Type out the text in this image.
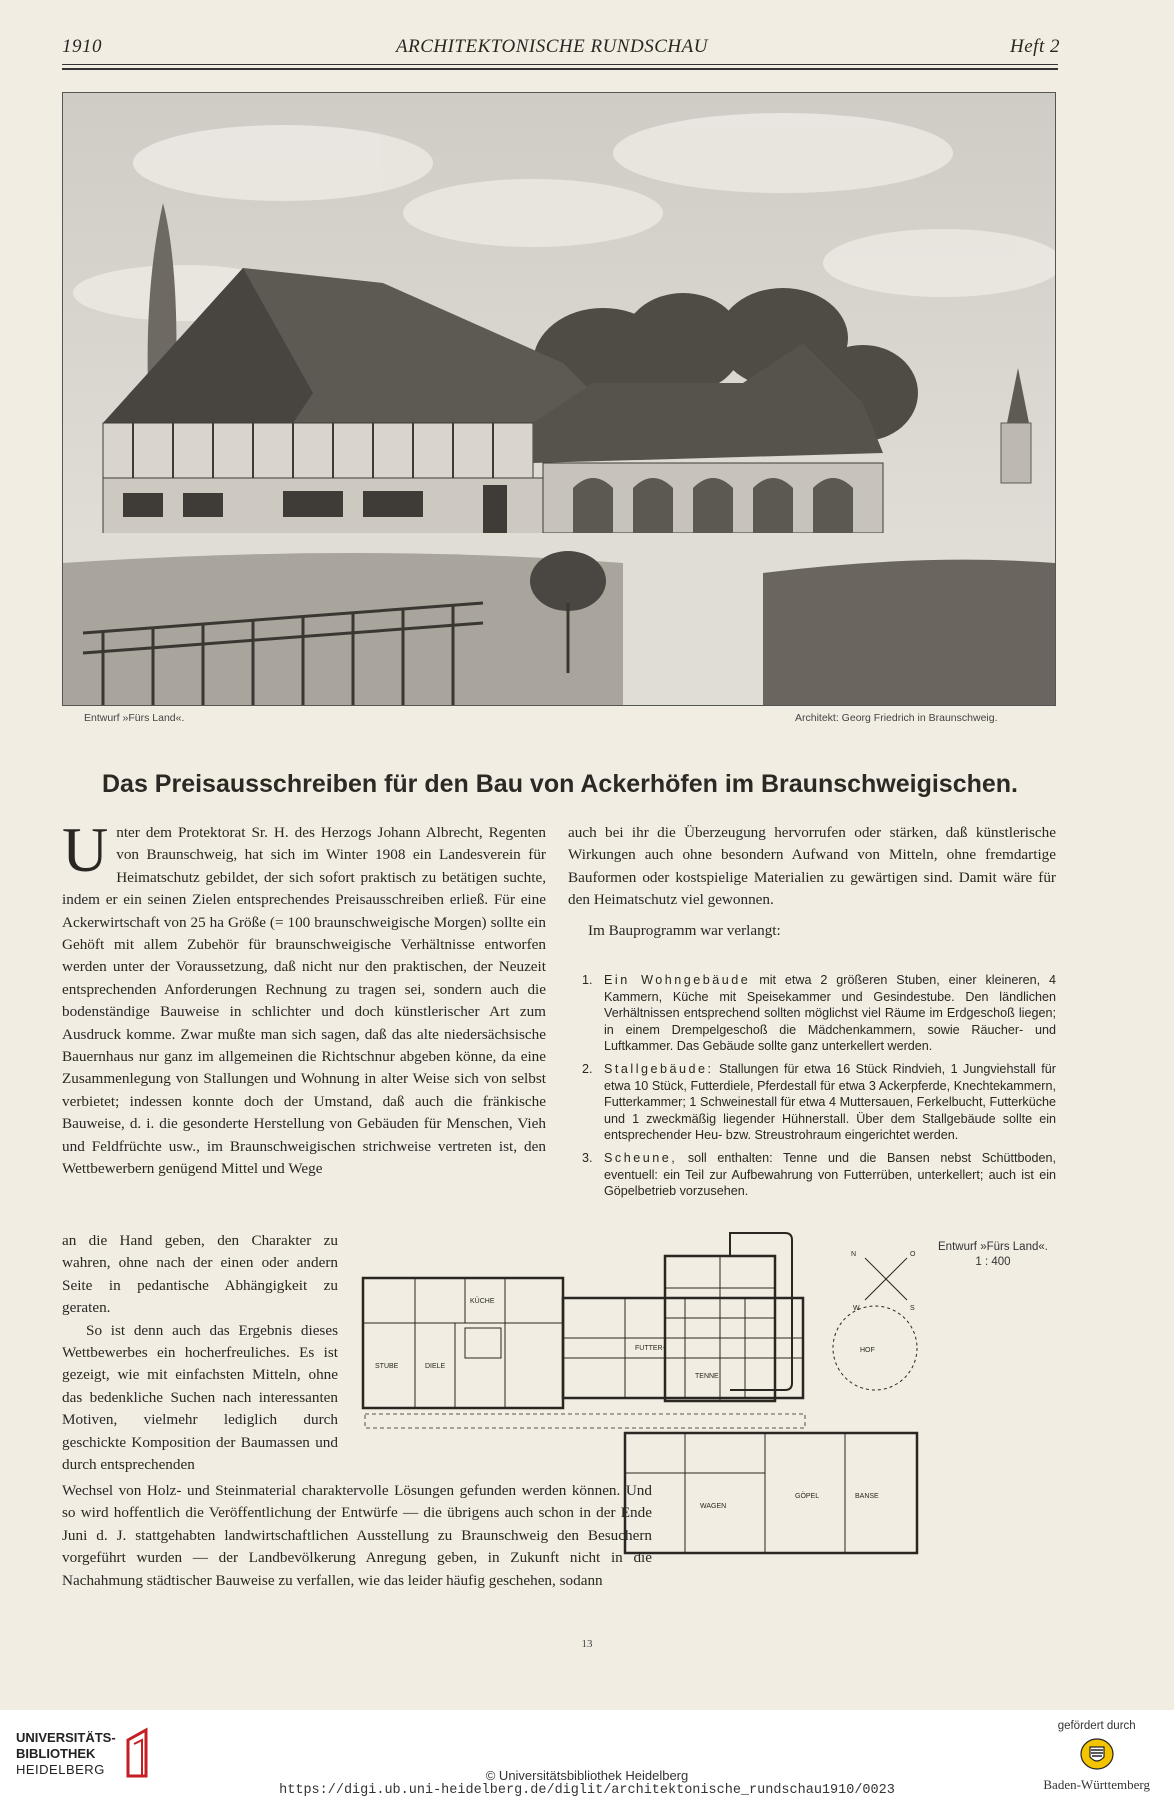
1910	ARCHITEKTONISCHE RUNDSCHAU	Heft 2
Entwurf »Fürs Land«.	Architekt: Georg Friedrich in Braunschweig.
Das Preisausschreiben für den Bau von Ackerhöfen im Braunschweigischen.

Unter dem Protektorat Sr. H. des Herzogs Johann Albrecht, Regenten von Braunschweig, hat sich im Winter 1908 ein Landesverein für Heimatschutz gebildet, der sich sofort praktisch zu betätigen suchte, indem er ein seinen Zielen entsprechendes Preisausschreiben erließ. Für eine Ackerwirtschaft von 25 ha Größe (= 100 braunschweigische Morgen) sollte ein Gehöft mit allem Zubehör für braunschweigische Verhältnisse entworfen werden unter der Voraussetzung, daß nicht nur den praktischen, der Neuzeit entsprechenden Anforderungen Rechnung zu tragen sei, sondern auch die bodenständige Bauweise in schlichter und doch künstlerischer Art zum Ausdruck komme. Zwar mußte man sich sagen, daß das alte niedersächsische Bauernhaus nur ganz im allgemeinen die Richtschnur abgeben könne, da eine Zusammenlegung von Stallungen und Wohnung in alter Weise sich von selbst verbietet; indessen konnte doch der Umstand, daß auch die fränkische Bauweise, d. i. die gesonderte Herstellung von Gebäuden für Menschen, Vieh und Feldfrüchte usw., im Braunschweigischen strichweise vertreten ist, den Wettbewerbern genügend Mittel und Wege

an die Hand geben, den Charakter zu wahren, ohne nach der einen oder andern Seite in pedantische Abhängigkeit zu geraten.

So ist denn auch das Ergebnis dieses Wettbewerbes ein hocherfreuliches. Es ist gezeigt, wie mit einfachsten Mitteln, ohne das bedenkliche Suchen nach interessanten Motiven, vielmehr lediglich durch geschickte Komposition der Baumassen und durch entsprechenden

Wechsel von Holz- und Steinmaterial charaktervolle Lösungen gefunden werden können. Und so wird hoffentlich die Veröffentlichung der Entwürfe — die übrigens auch schon in der Ende Juni d. J. stattgehabten landwirtschaftlichen Ausstellung zu Braunschweig den Besuchern vorgeführt wurden — der Landbevölkerung Anregung geben, in Zukunft nicht in die Nachahmung städtischer Bauweise zu verfallen, wie das leider häufig geschehen, sodann

auch bei ihr die Überzeugung hervorrufen oder stärken, daß künstlerische Wirkungen auch ohne besondern Aufwand von Mitteln, ohne fremdartige Bauformen oder kostspielige Materialien zu gewärtigen sind. Damit wäre für den Heimatschutz viel gewonnen.

Im Bauprogramm war verlangt:

1. Ein Wohngebäude mit etwa 2 größeren Stuben, einer kleineren, 4 Kammern, Küche mit Speisekammer und Gesindestube. Den ländlichen Verhältnissen entsprechend sollten möglichst viel Räume im Erdgeschoß liegen; in einem Drempelgeschoß die Mädchenkammern, sowie Räucher- und Luftkammer. Das Gebäude sollte ganz unterkellert werden.
2. Stallgebäude: Stallungen für etwa 16 Stück Rindvieh, 1 Jungviehstall für etwa 10 Stück, Futterdiele, Pferdestall für etwa 3 Ackerpferde, Knechtekammern, Futterkammer; 1 Schweinestall für etwa 4 Muttersauen, Ferkelbucht, Futterküche und 1 zweckmäßig liegender Hühnerstall. Über dem Stallgebäude sollte ein entsprechender Heu- bzw. Streustrohraum eingerichtet werden.
3. Scheune, soll enthalten: Tenne und die Bansen nebst Schüttboden, eventuell: ein Teil zur Aufbewahrung von Futterrüben, unterkellert; auch ist ein Göpelbetrieb vorzusehen.
N
S
O
W
STUBE	DIELE
KÜCHE
FUTTER-
TENNE
BANSE
HOF
WAGEN
GÖPEL
Entwurf »Fürs Land«.
1 : 400
13
UNIVERSITÄTS-
BIBLIOTHEK
HEIDELBERG	© Universitätsbibliothek Heidelberg
https://digi.ub.uni-heidelberg.de/diglit/architektonische_rundschau1910/0023
gefördert durch
Baden-Württemberg
